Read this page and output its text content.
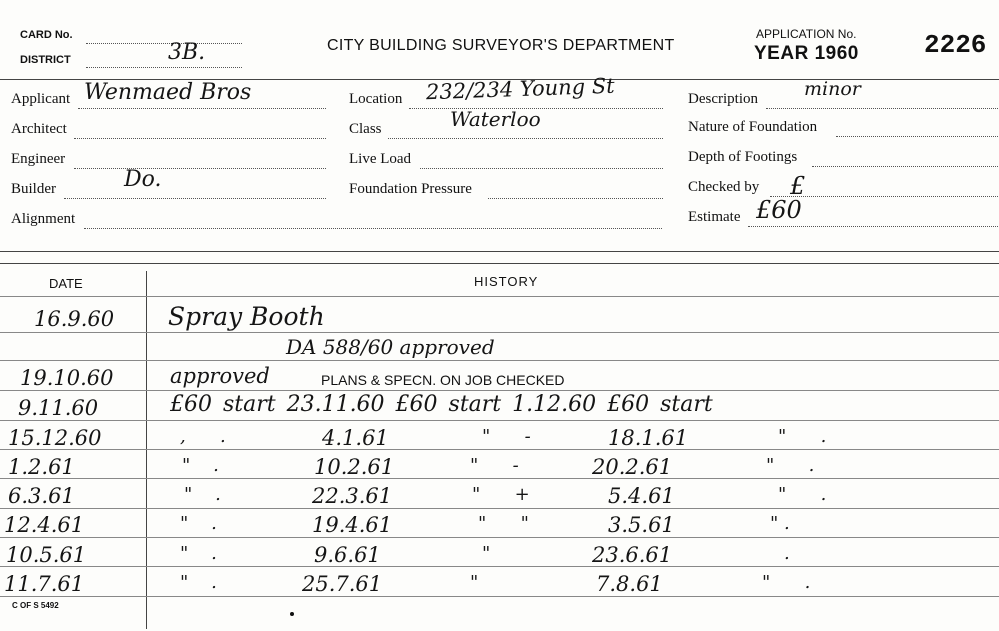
CARD No.
DISTRICT	3B.	CITY BUILDING SURVEYOR'S DEPARTMENT
APPLICATION No.
YEAR 1960	2226
Applicant Wenmaed Bros
Architect
Engineer
Builder	Do.
Alignment
Location 232/234 Young St
Class	Waterloo
Live Load
Foundation Pressure
Description minor
Nature of Foundation
Depth of Footings
Checked by £
Estimate £60
DATE	HISTORY
16.9.60 Spray Booth
DA 588/60 approved
19.10.60	approved	PLANS & SPECN. ON JOB CHECKED
9.11.60	£60 start 23.11.60 £60 start 1.12.60 £60 start
15.12.60	,      .	4.1.61	"      -	18.1.61	"      .
1.2.61	"    .	10.2.61	"      -	20.2.61	"      .
6.3.61	"    .	22.3.61	"      +	5.4.61	"      .
12.4.61	"    .	19.4.61	"      "	3.5.61	" .
10.5.61	"    .	9.6.61	"	23.6.61	.
11.7.61	"    .	25.7.61	"	7.8.61	"      .
C OF S 5492
